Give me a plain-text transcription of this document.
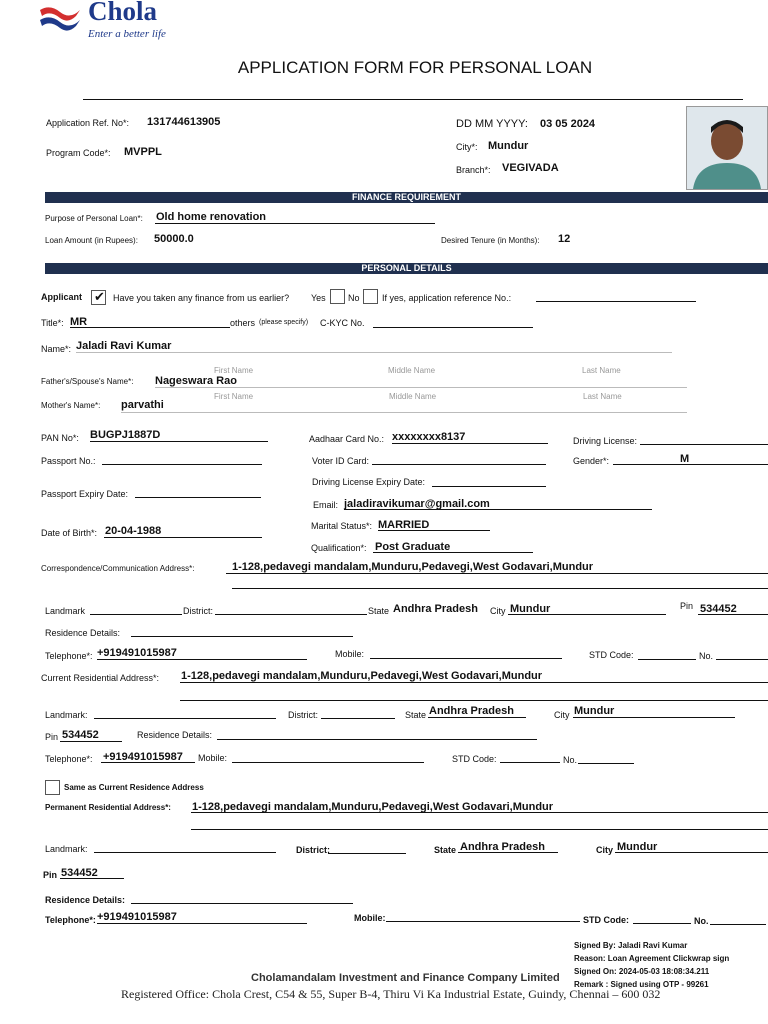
Chola
Enter a better life
APPLICATION FORM FOR PERSONAL LOAN
Application Ref. No*: 131744613905
Program Code*: MVPPL
DD MM YYYY: 03 05 2024
City*: Mundur
Branch*: VEGIVADA
FINANCE REQUIREMENT
Purpose of Personal Loan*: Old home renovation
Loan Amount (in Rupees): 50000.0	Desired Tenure (in Months): 12
PERSONAL DETAILS
Applicant ✔ Have you taken any finance from us earlier? Yes No If yes, application reference No.:
Title*: MR	others (please specify) C-KYC No.
Name*: Jaladi Ravi Kumar
First Name	Middle Name	Last Name
Father's/Spouse's Name*: Nageswara Rao
First Name	Middle Name	Last Name
Mother's Name*: parvathi
PAN No*: BUGPJ1887D	Aadhaar Card No.: xxxxxxxx8137	Driving License:
Passport No.:	Voter ID Card:	Gender*:	M
Driving License Expiry Date:
Passport Expiry Date:
Email: jaladiravikumar@gmail.com
Marital Status*: MARRIED
Date of Birth*: 20-04-1988
Qualification*: Post Graduate
Correspondence/Communication Address*:	1-128,pedavegi mandalam,Munduru,Pedavegi,West Godavari,Mundur
Landmark	District:	State Andhra Pradesh City Mundur	Pin 534452
Residence Details:
Telephone*: +919491015987	Mobile:	STD Code:	No.
Current Residential Address*: 1-128,pedavegi mandalam,Munduru,Pedavegi,West Godavari,Mundur
Landmark:	District:	State Andhra Pradesh	City Mundur
Pin 534452	Residence Details:
Telephone*: +919491015987 Mobile:	STD Code:	No.
Same as Current Residence Address
Permanent Residential Address*: 1-128,pedavegi mandalam,Munduru,Pedavegi,West Godavari,Mundur
Landmark:	District:	State Andhra Pradesh	City Mundur
Pin 534452
Residence Details:
Telephone*: +919491015987	Mobile:	STD Code:	No.
Signed By: Jaladi Ravi Kumar
Reason: Loan Agreement Clickwrap sign
Signed On: 2024-05-03 18:08:34.211
Remark : Signed using OTP - 99261
Cholamandalam Investment and Finance Company Limited
Registered Office: Chola Crest, C54 & 55, Super B-4, Thiru Vi Ka Industrial Estate, Guindy, Chennai – 600 032
